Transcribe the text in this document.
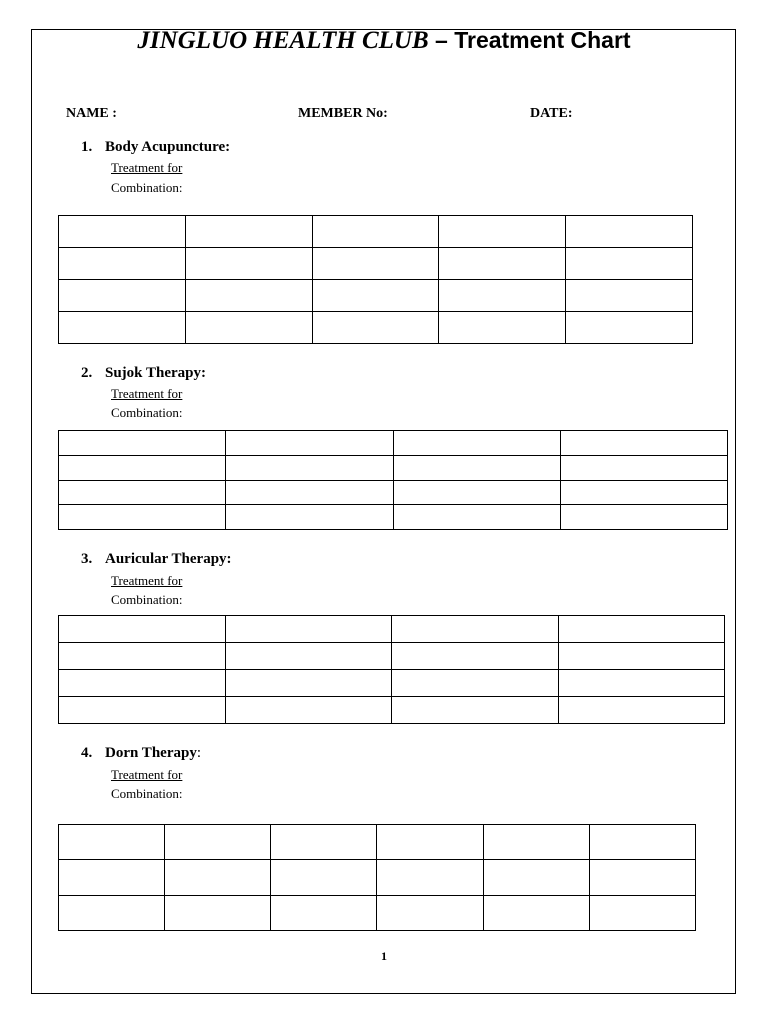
JINGLUO HEALTH CLUB – Treatment Chart
NAME :	MEMBER No:	DATE:
1. Body Acupuncture:
Treatment for
Combination:

2. Sujok Therapy:
Treatment for
Combination:

3. Auricular Therapy:
Treatment for
Combination:

4. Dorn Therapy:
Treatment for
Combination:

1
